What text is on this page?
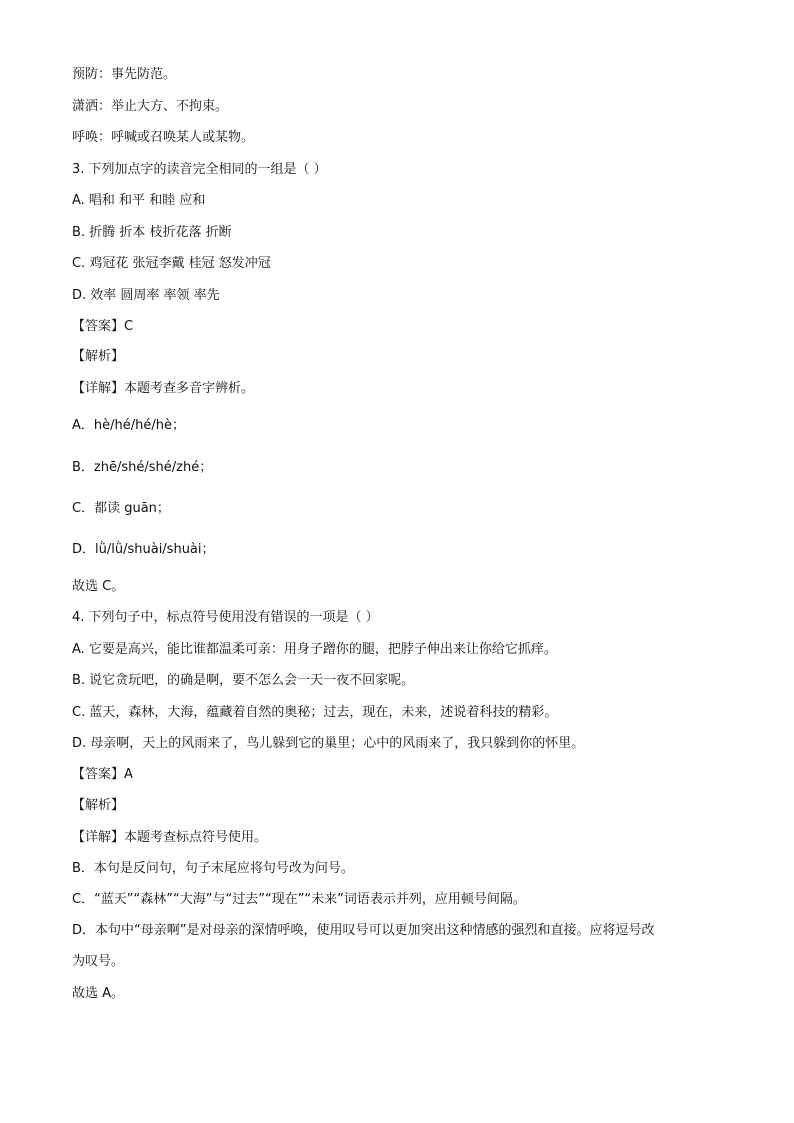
预防：事先防范。
潇洒：举止大方、不拘束。
呼唤：呼喊或召唤某人或某物。
3. 下列加点字的读音完全相同的一组是（ ）
A. 唱和 和平 和睦 应和
B. 折腾 折本 枝折花落 折断
C. 鸡冠花 张冠李戴 桂冠 怒发冲冠
D. 效率 圆周率 率领 率先
【答案】C
【解析】
【详解】本题考查多音字辨析。
A．hè/hé/hé/hè；
B．zhē/shé/shé/zhé；
C．都读 guān；
D．lǜ/lǜ/shuài/shuài；
故选 C。
4. 下列句子中，标点符号使用没有错误的一项是（ ）
A. 它要是高兴，能比谁都温柔可亲：用身子蹭你的腿，把脖子伸出来让你给它抓痒。
B. 说它贪玩吧，的确是啊，要不怎么会一天一夜不回家呢。
C. 蓝天，森林，大海，蕴藏着自然的奥秘；过去，现在，未来，述说着科技的精彩。
D. 母亲啊，天上的风雨来了，鸟儿躲到它的巢里；心中的风雨来了，我只躲到你的怀里。
【答案】A
【解析】
【详解】本题考查标点符号使用。
B．本句是反问句，句子末尾应将句号改为问号。
C．“蓝天”“森林”“大海”与“过去”“现在”“未来”词语表示并列，应用顿号间隔。
D．本句中“母亲啊”是对母亲的深情呼唤，使用叹号可以更加突出这种情感的强烈和直接。应将逗号改
为叹号。
故选 A。
